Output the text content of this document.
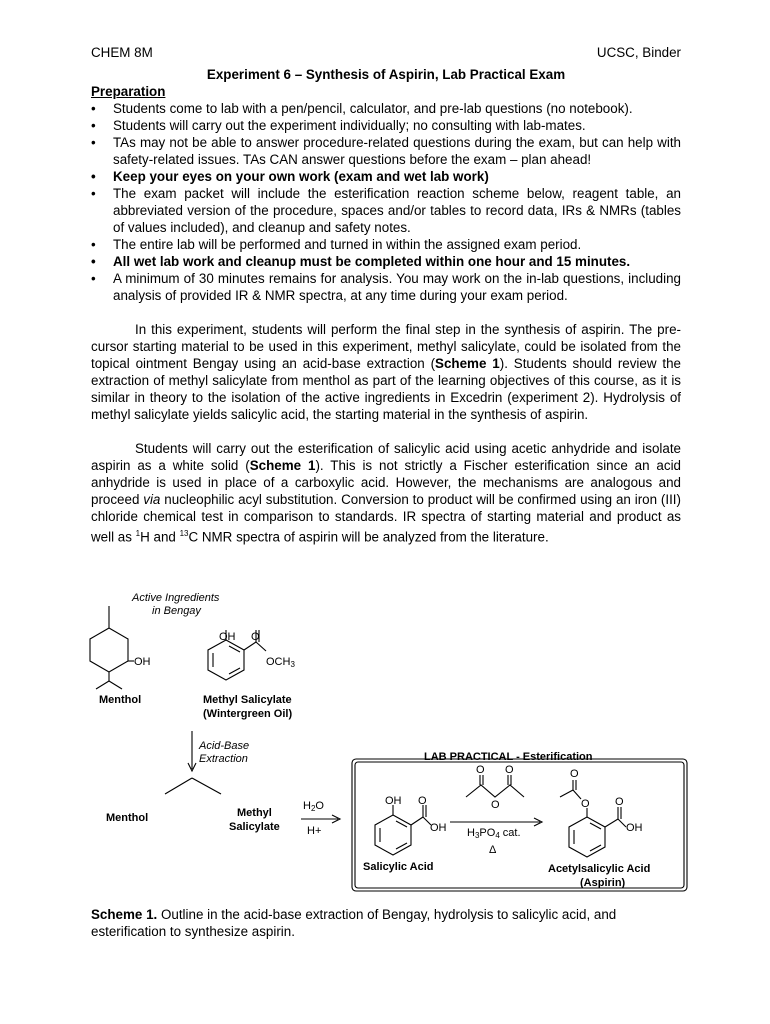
CHEM 8M	UCSC, Binder
Experiment 6 – Synthesis of Aspirin, Lab Practical Exam
Preparation
• Students come to lab with a pen/pencil, calculator, and pre-lab questions (no notebook).
• Students will carry out the experiment individually; no consulting with lab-mates.
• TAs may not be able to answer procedure-related questions during the exam, but can help with safety-related issues. TAs CAN answer questions before the exam – plan ahead!
• Keep your eyes on your own work (exam and wet lab work)
• The exam packet will include the esterification reaction scheme below, reagent table, an abbreviated version of the procedure, spaces and/or tables to record data, IRs & NMRs (tables of values included), and cleanup and safety notes.
• The entire lab will be performed and turned in within the assigned exam period.
• All wet lab work and cleanup must be completed within one hour and 15 minutes.
• A minimum of 30 minutes remains for analysis. You may work on the in-lab questions, including analysis of provided IR & NMR spectra, at any time during your exam period.

In this experiment, students will perform the final step in the synthesis of aspirin. The pre-cursor starting material to be used in this experiment, methyl salicylate, could be isolated from the topical ointment Bengay using an acid-base extraction (Scheme 1). Students should review the extraction of methyl salicylate from menthol as part of the learning objectives of this course, as it is similar in theory to the isolation of the active ingredients in Excedrin (experiment 2). Hydrolysis of methyl salicylate yields salicylic acid, the starting material in the synthesis of aspirin.

Students will carry out the esterification of salicylic acid using acetic anhydride and isolate aspirin as a white solid (Scheme 1). This is not strictly a Fischer esterification since an acid anhydride is used in place of a carboxylic acid. However, the mechanisms are analogous and proceed via nucleophilic acyl substitution. Conversion to product will be confirmed using an iron (III) chloride chemical test in comparison to standards. IR spectra of starting material and product as well as $^1$H and $^{13}$C NMR spectra of aspirin will be analyzed from the literature.

Active Ingredients
in Bengay
OH
Menthol
OH O
OCH3
Methyl Salicylate
(Wintergreen Oil)
Acid-Base
Extraction
Menthol	Methyl
Salicylate
H2O
H+
LAB PRACTICAL - Esterification
OH O
OH
Salicylic Acid
O O
O
H3PO4 cat.
Δ
O
O O
OH
Acetylsalicylic Acid
(Aspirin)
Scheme 1. Outline in the acid-base extraction of Bengay, hydrolysis to salicylic acid, and esterification to synthesize aspirin.
